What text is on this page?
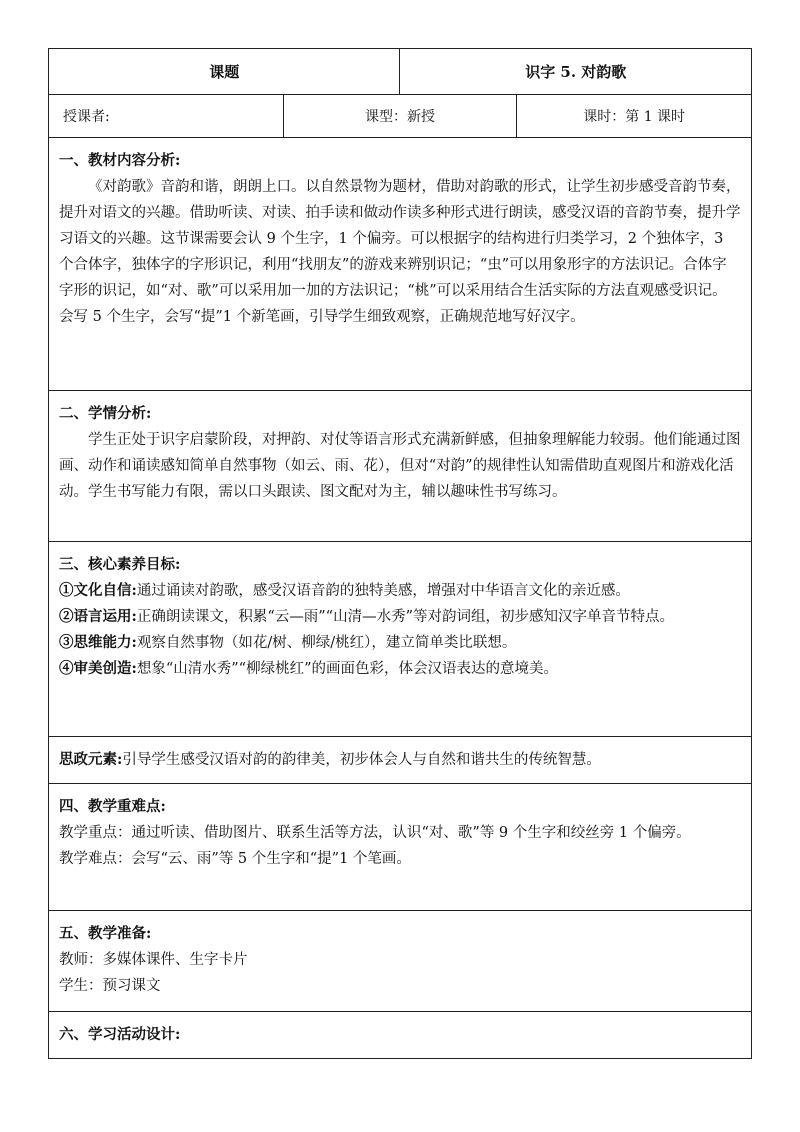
课题		识字 5. 对韵歌	
授课者:	课型：新授		课时：第 1 课时

一、教材内容分析:

《对韵歌》音韵和谐，朗朗上口。以自然景物为题材，借助对韵歌的形式，让学生初步感受音韵节奏，提升对语文的兴趣。借助听读、对读、拍手读和做动作读多种形式进行朗读，感受汉语的音韵节奏，提升学习语文的兴趣。这节课需要会认 9 个生字，1 个偏旁。可以根据字的结构进行归类学习，2 个独体字，3 个合体字，独体字的字形识记，利用“找朋友”的游戏来辨别识记；“虫”可以用象形字的方法识记。合体字字形的识记，如“对、歌”可以采用加一加的方法识记；“桃”可以采用结合生活实际的方法直观感受识记。会写 5 个生字，会写“提”1 个新笔画，引导学生细致观察，正确规范地写好汉字。			

二、学情分析:

学生正处于识字启蒙阶段，对押韵、对仗等语言形式充满新鲜感，但抽象理解能力较弱。他们能通过图画、动作和诵读感知简单自然事物（如云、雨、花），但对“对韵”的规律性认知需借助直观图片和游戏化活动。学生书写能力有限，需以口头跟读、图文配对为主，辅以趣味性书写练习。			

三、核心素养目标:

①文化自信:通过诵读对韵歌，感受汉语音韵的独特美感，增强对中华语言文化的亲近感。

②语言运用:正确朗读课文，积累“云—雨”“山清—水秀”等对韵词组，初步感知汉字单音节特点。

③思维能力:观察自然事物（如花/树、柳绿/桃红），建立简单类比联想。

④审美创造:想象“山清水秀”“柳绿桃红”的画面色彩，体会汉语表达的意境美。			

思政元素:引导学生感受汉语对韵的韵律美，初步体会人与自然和谐共生的传统智慧。			

四、教学重难点:

教学重点：通过听读、借助图片、联系生活等方法，认识“对、歌”等 9 个生字和绞丝旁 1 个偏旁。

教学难点：会写“云、雨”等 5 个生字和“提”1 个笔画。			

五、教学准备:

教师：多媒体课件、生字卡片

学生：预习课文			

六、学习活动设计:			
